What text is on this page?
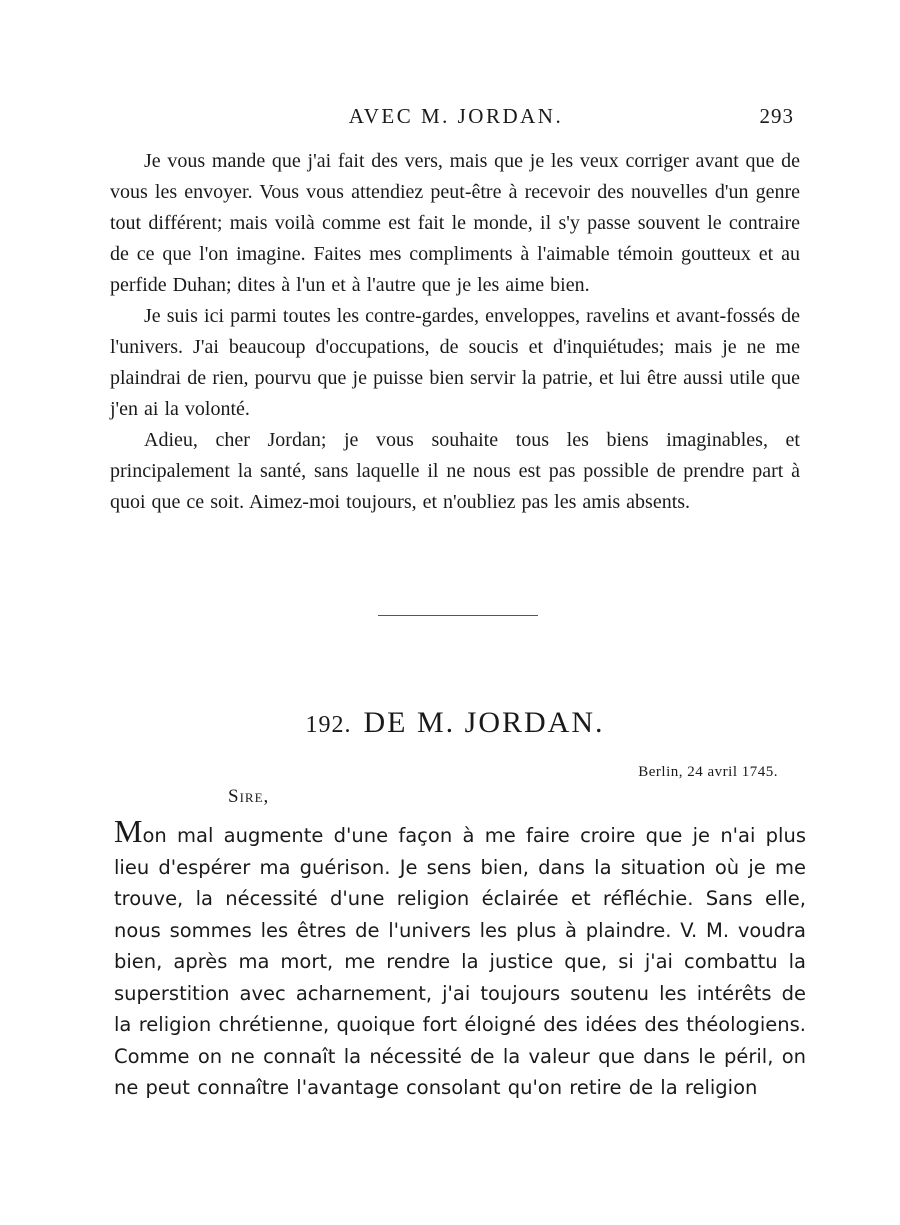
AVEC M. JORDAN.	293

Je vous mande que j'ai fait des vers, mais que je les veux corriger avant que de vous les envoyer. Vous vous attendiez peut-être à recevoir des nouvelles d'un genre tout différent; mais voilà comme est fait le monde, il s'y passe souvent le contraire de ce que l'on imagine. Faites mes compliments à l'aimable témoin goutteux et au perfide Duhan; dites à l'un et à l'autre que je les aime bien.

Je suis ici parmi toutes les contre-gardes, enveloppes, ravelins et avant-fossés de l'univers. J'ai beaucoup d'occupations, de soucis et d'inquiétudes; mais je ne me plaindrai de rien, pourvu que je puisse bien servir la patrie, et lui être aussi utile que j'en ai la volonté.

Adieu, cher Jordan; je vous souhaite tous les biens imaginables, et principalement la santé, sans laquelle il ne nous est pas possible de prendre part à quoi que ce soit. Aimez-moi toujours, et n'oubliez pas les amis absents.

192. DE M. JORDAN.
Berlin, 24 avril 1745.
Sire,

Mon mal augmente d'une façon à me faire croire que je n'ai plus lieu d'espérer ma guérison. Je sens bien, dans la situation où je me trouve, la nécessité d'une religion éclairée et réfléchie. Sans elle, nous sommes les êtres de l'univers les plus à plaindre. V. M. voudra bien, après ma mort, me rendre la justice que, si j'ai combattu la superstition avec acharnement, j'ai toujours soutenu les intérêts de la religion chrétienne, quoique fort éloigné des idées des théologiens. Comme on ne connaît la nécessité de la valeur que dans le péril, on ne peut connaître l'avantage consolant qu'on retire de la religion
